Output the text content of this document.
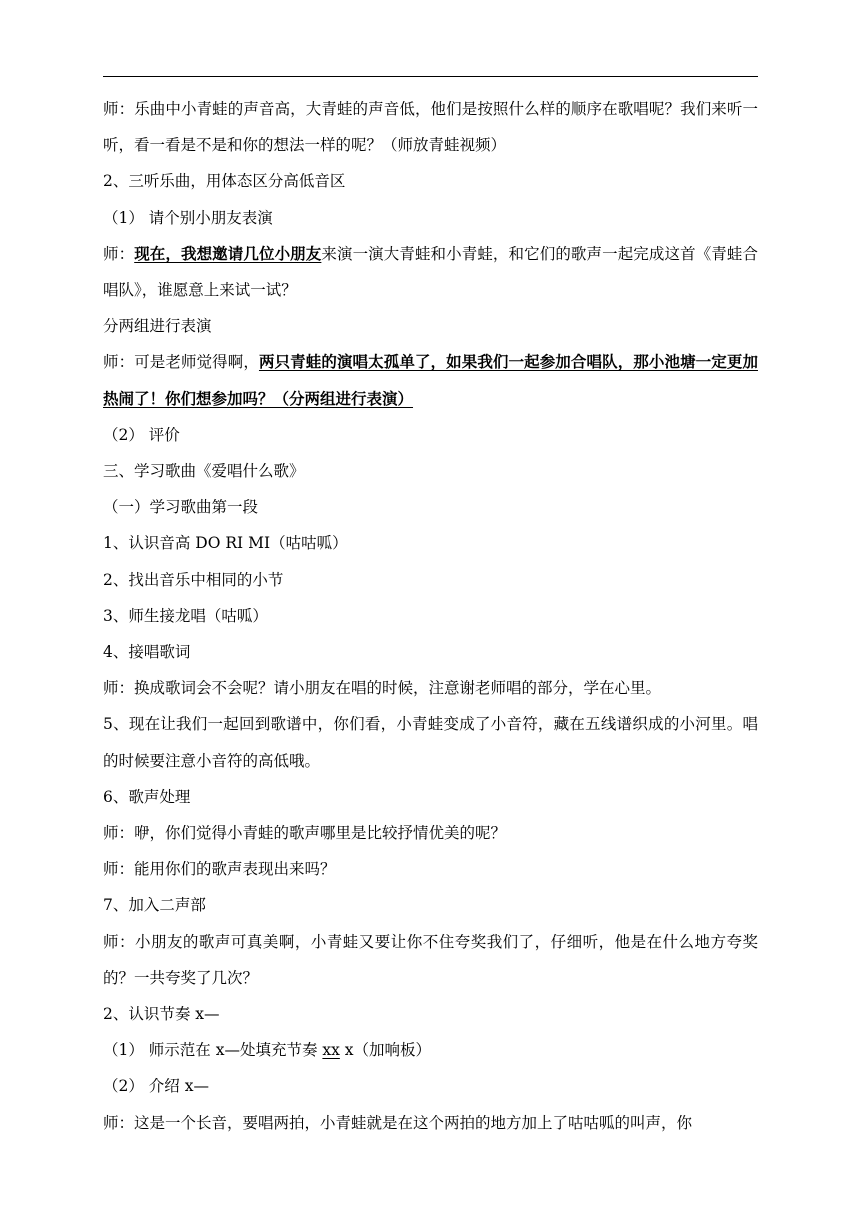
师：乐曲中小青蛙的声音高，大青蛙的声音低，他们是按照什么样的顺序在歌唱呢？我们来听一听，看一看是不是和你的想法一样的呢？（师放青蛙视频）

2、三听乐曲，用体态区分高低音区

（1） 请个别小朋友表演

师：现在，我想邀请几位小朋友来演一演大青蛙和小青蛙，和它们的歌声一起完成这首《青蛙合唱队》，谁愿意上来试一试？

分两组进行表演

师：可是老师觉得啊，两只青蛙的演唱太孤单了，如果我们一起参加合唱队，那小池塘一定更加热闹了！你们想参加吗？（分两组进行表演）

（2） 评价

三、学习歌曲《爱唱什么歌》

（一）学习歌曲第一段

1、认识音高 DO RI MI（咕咕呱）

2、找出音乐中相同的小节

3、师生接龙唱（咕呱）

4、接唱歌词

师：换成歌词会不会呢？请小朋友在唱的时候，注意谢老师唱的部分，学在心里。

5、现在让我们一起回到歌谱中，你们看，小青蛙变成了小音符，藏在五线谱织成的小河里。唱的时候要注意小音符的高低哦。

6、歌声处理

师：咿，你们觉得小青蛙的歌声哪里是比较抒情优美的呢？

师：能用你们的歌声表现出来吗？

7、加入二声部

师：小朋友的歌声可真美啊，小青蛙又要让你不住夸奖我们了，仔细听，他是在什么地方夸奖的？一共夸奖了几次？

2、认识节奏 x—

（1） 师示范在 x—处填充节奏 xx x（加响板）

（2） 介绍 x—

师：这是一个长音，要唱两拍，小青蛙就是在这个两拍的地方加上了咕咕呱的叫声，你
